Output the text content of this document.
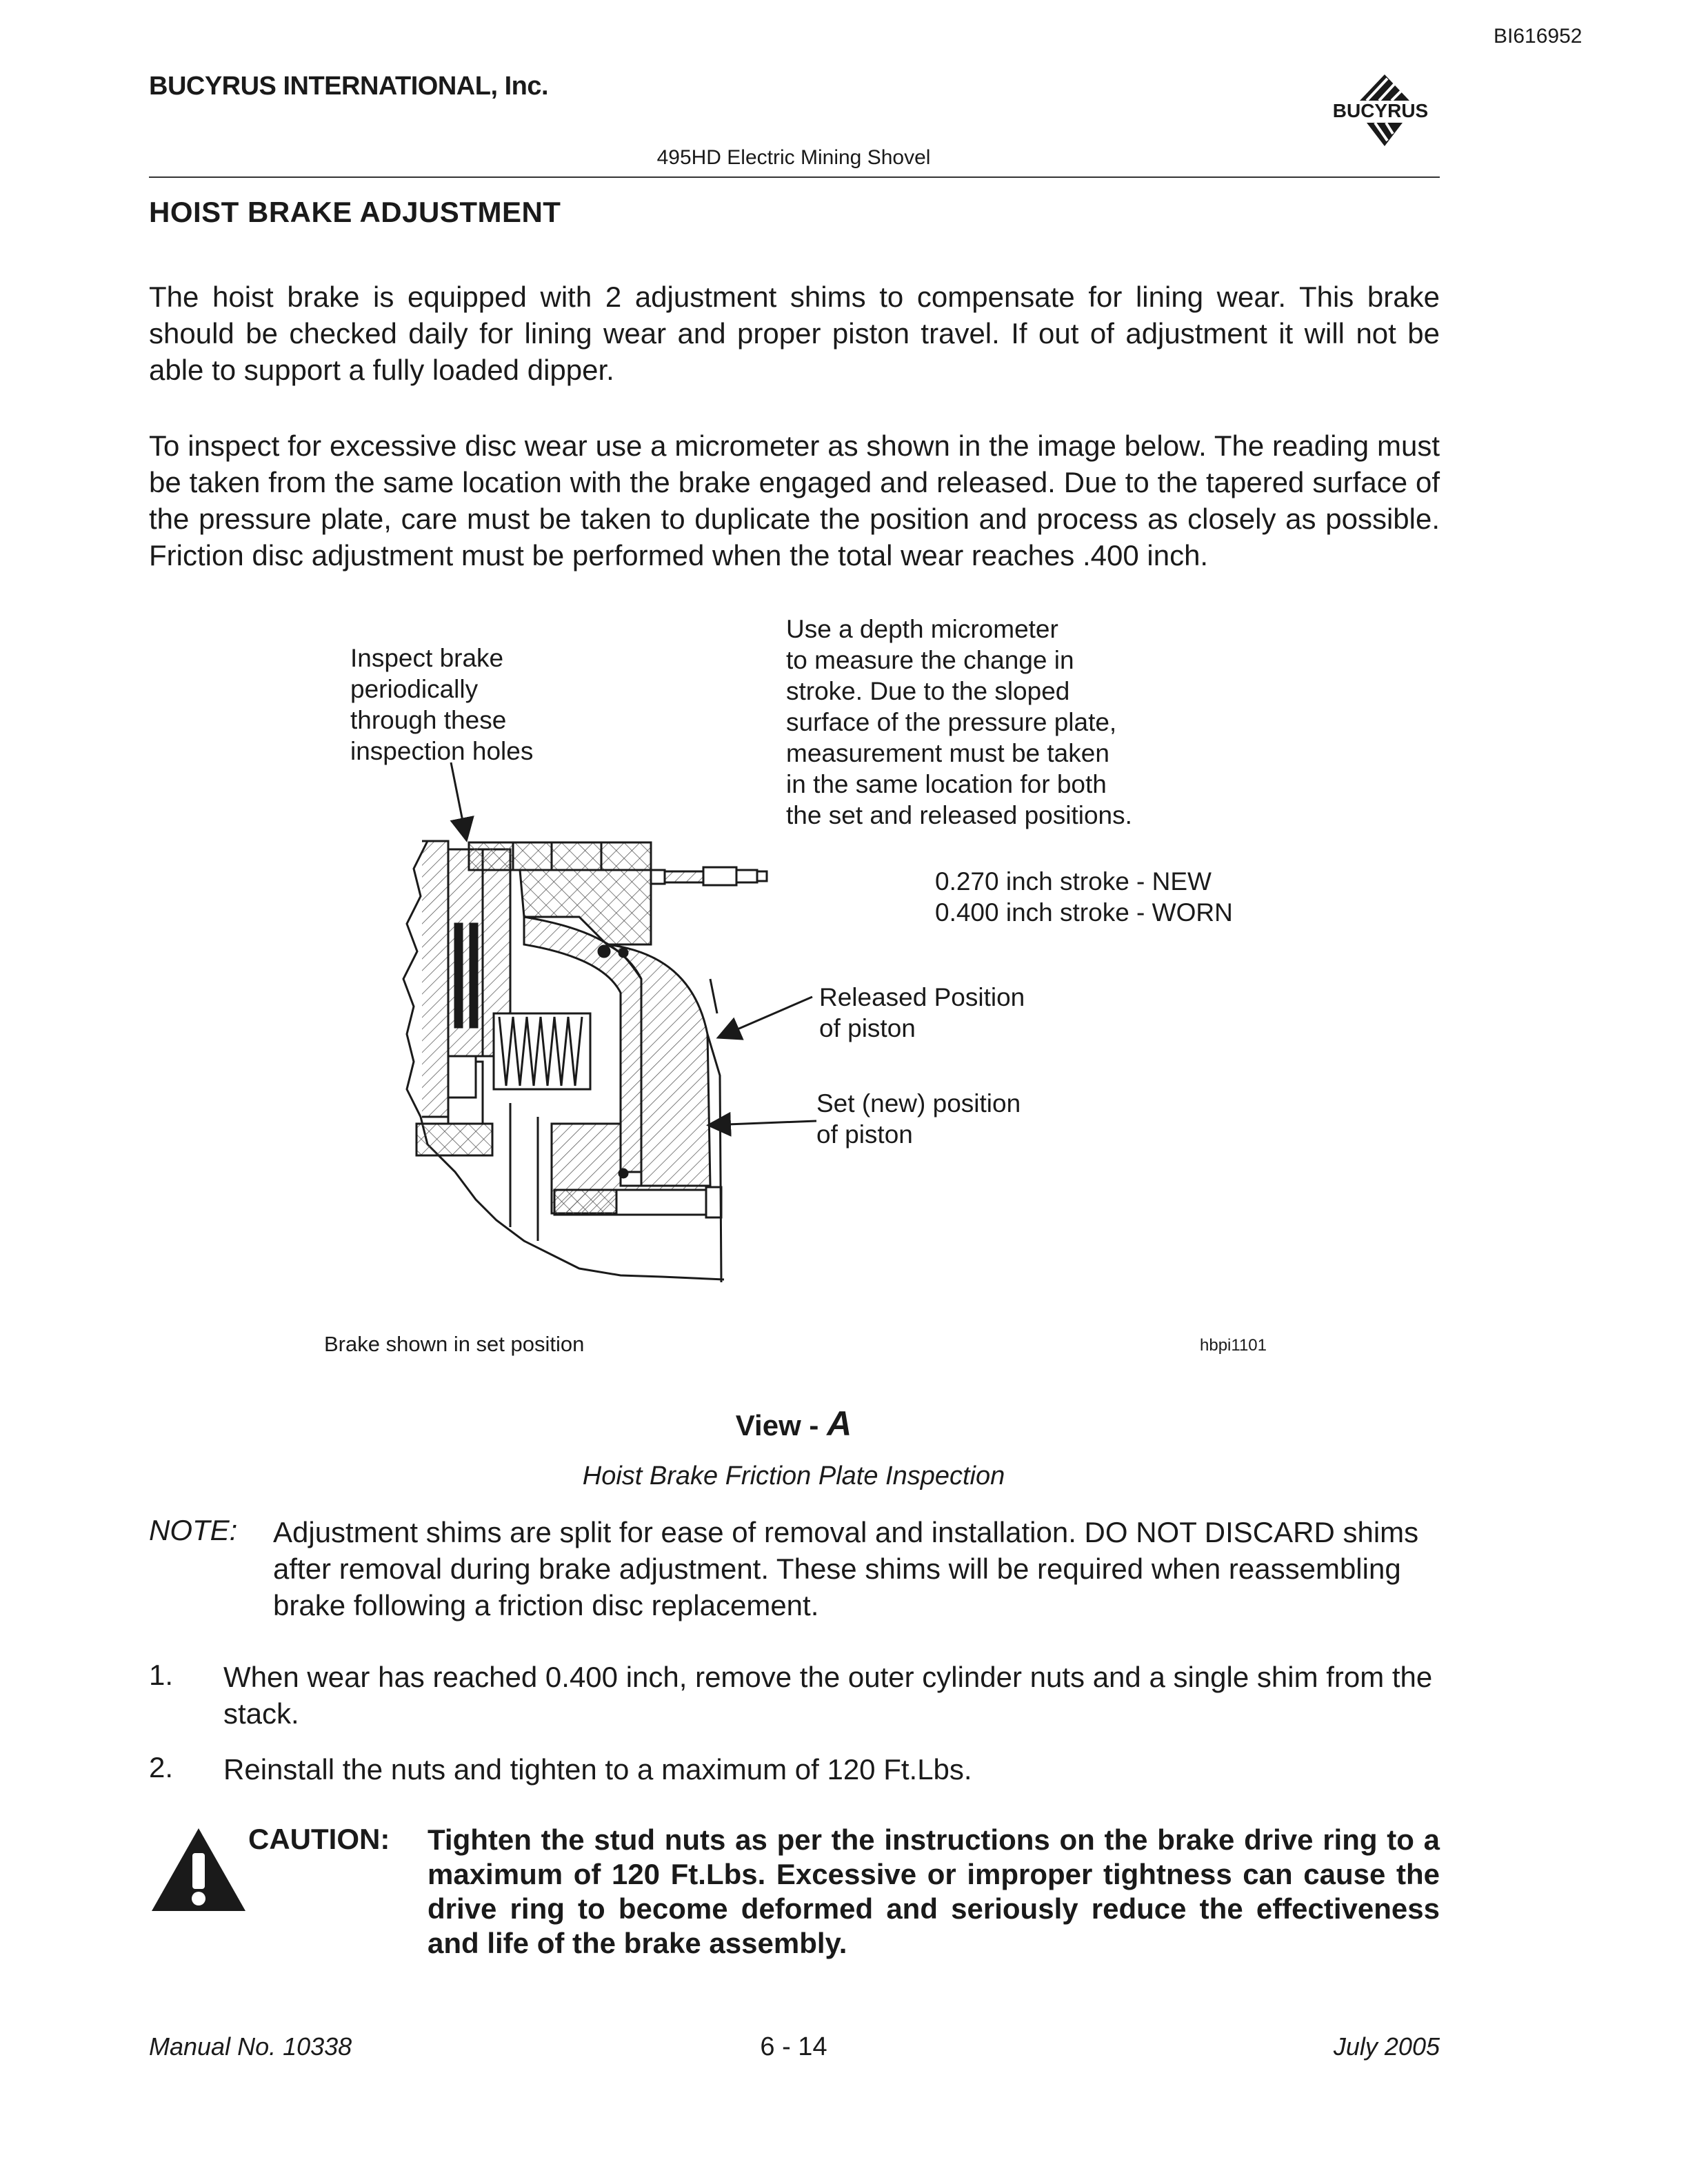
BI616952
BUCYRUS INTERNATIONAL, Inc.
BUCYRUS
495HD Electric Mining Shovel
HOIST BRAKE ADJUSTMENT
The hoist brake is equipped with 2 adjustment shims to compensate for lining wear. This brake should be checked daily for lining wear and proper piston travel. If out of adjustment it will not be able to support a fully loaded dipper.
To inspect for excessive disc wear use a micrometer as shown in the image below. The reading must be taken from the same location with the brake engaged and released. Due to the tapered surface of the pressure plate, care must be taken to duplicate the position and process as closely as possible. Friction disc adjustment must be performed when the total wear reaches .400 inch.
Inspect brake
periodically
through these
inspection holes
Use a depth micrometer
to measure the change in
stroke. Due to the sloped
surface of the pressure plate,
measurement must be taken
in the same location for both
the set and released positions.
0.270 inch stroke - NEW
0.400 inch stroke - WORN
Released Position
of piston
Set (new) position
of piston
Brake shown in set position	hbpi1101
View - A
Hoist Brake Friction Plate Inspection
NOTE: Adjustment shims are split for ease of removal and installation. DO NOT DISCARD shims after removal during brake adjustment. These shims will be required when reassembling brake following a friction disc replacement.
1. When wear has reached 0.400 inch, remove the outer cylinder nuts and a single shim from the stack.
2. Reinstall the nuts and tighten to a maximum of 120 Ft.Lbs.
CAUTION: Tighten the stud nuts as per the instructions on the brake drive ring to a maximum of 120 Ft.Lbs. Excessive or improper tightness can cause the drive ring to become deformed and seriously reduce the effectiveness and life of the brake assembly.
Manual No. 10338	6 - 14	July 2005
